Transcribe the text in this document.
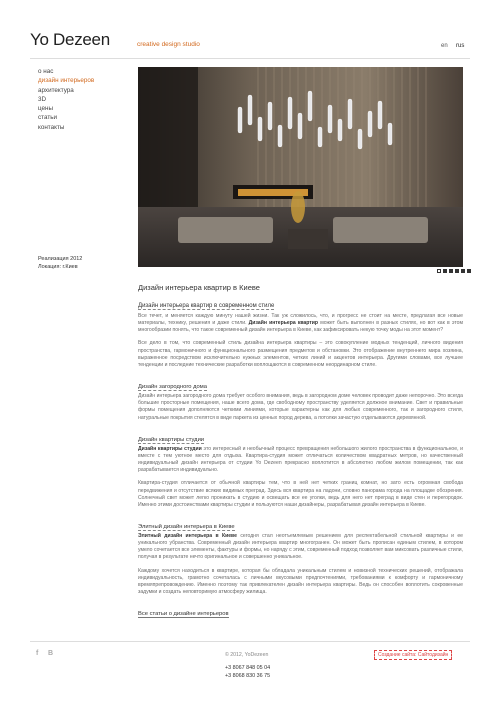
Yo Dezeen	creative design studio	en rus
о нас
дизайн интерьеров
архитектура
3D
цены
статьи
контакты
Реализация 2012
Локация: г.Киев
Дизайн интерьера квартир в Киеве
Дизайн интерьера квартир в современном стиле

Все течет, и меняется каждую минуту нашей жизни. Так уж сложилось, что, и прогресс не стоит на месте, предлагая все новые материалы, технику, решения и даже стили. Дизайн интерьера квартир может быть выполнен в разных стилях, но вот как в этом многообразии понять, что такое современный дизайн интерьера в Киеве, как зафиксировать некую точку моды на этот момент?

Все дело в том, что современный стиль дизайна интерьера квартиры – это совокупление модных тенденций, личного видения пространства, гармоничного и функционального размещения предметов и обстановки. Это отображение внутреннего мира хозяина, выраженное посредством исключительно нужных элементов, четких линий и акцентов интерьера. Другими словами, все лучшее тенденции и последние технические разработки воплощаются в современном неординарном стиле.

Дизайн загородного дома

Дизайн интерьера загородного дома требует особого внимания, ведь в загородном доме человек проводит даже непорочно. Это всегда большие просторные помещения, наше всего дома, где свободному пространству уделяется должное внимание. Свет и правильные формы помещения дополняются четкими линиями, которые характерны как для любых современного, так и загородного стиля, натуральные покрытия стелятся в виде паркета из ценных пород дерева, а потолки зачастую отделываются деревянной.

Дизайн квартиры студии

Дизайн квартиры студии это интересный и необычный процесс превращения небольшого жилого пространства в функциональное, и вместе с тем уютное место для отдыха. Квартира-студия может отличаться количеством квадратных метров, но качественный индивидуальный дизайн интерьера от студии Yo Dezeen прекрасно воплотится в абсолютно любом жилом помещении, так как разрабатывается индивидуально.

Квартира-студия отличается от обычной квартиры тем, что в ней нет четких границ комнат, но зато есть огромная свобода передвижения и отсутствие всяких видимых преград. Здесь вся квартира на ладони, словно панорама города на площадке обозрения. Солнечный свет может легко проникать в студию и освещать все ее уголки, ведь для него нет преград в виде стен и перегородок. Именно этими достоинствами квартиры студии и пользуются наши дизайнеры, разрабатывая дизайн интерьера в Киеве.

Элитный дизайн интерьера в Киеве

Элитный дизайн интерьера в Киеве сегодня стал неотъемлемым решением для респектабельной стильной квартиры и ее уникального убранства. Современный дизайн интерьера квартир многогранен. Он может быть прописан единым стилем, в котором умело сочетается все элементы, фактуры и формы, но наряду с этим, современный подход позволяет вам миксовать различные стили, получая в результате нечто оригинальное и совершенно уникальное.

Каждому хочется находиться в квартире, которая бы обладала уникальным стилем и новизной технических решений, отображала индивидуальность, грамотно сочеталась с личными вкусовыми предпочтениями, требованиями к комфорту и гармоничному времяпрепровождению. Именно поэтому так привлекателен дизайн интерьера квартиры. Ведь он способен воплотить сокровенные задумки и создать неповторимую атмосферу жилища.

Все статьи о дизайне интерьеров
f B	© 2012, YoDezeen
+3 8067 848 05 04
+3 8068 830 36 75
Создание сайта: Сайтодизайн
